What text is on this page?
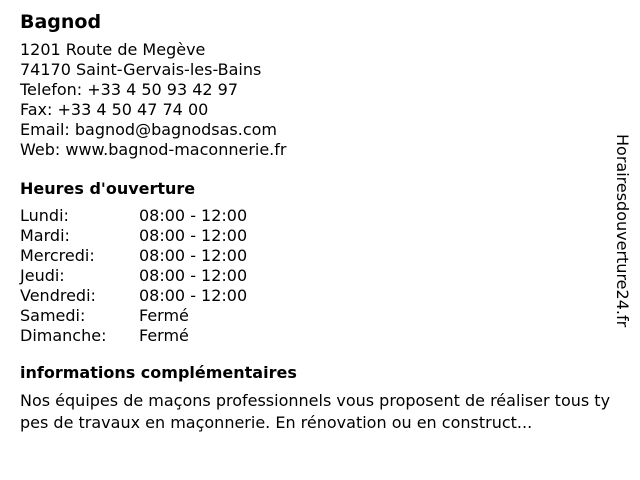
Bagnod
1201 Route de Megève
74170 Saint-Gervais-les-Bains
Telefon: +33 4 50 93 42 97
Fax: +33 4 50 47 74 00
Email: bagnod@bagnodsas.com
Web: www.bagnod-maconnerie.fr
Heures d'ouverture
Lundi:	08:00 - 12:00
Mardi:	08:00 - 12:00
Mercredi:	08:00 - 12:00
Jeudi:	08:00 - 12:00
Vendredi:	08:00 - 12:00
Samedi:	Fermé
Dimanche: Fermé
informations complémentaires
Nos équipes de maçons professionnels vous proposent de réaliser tous types de travaux en maçonnerie. En rénovation ou en construct...
Horairesdouverture24.fr
